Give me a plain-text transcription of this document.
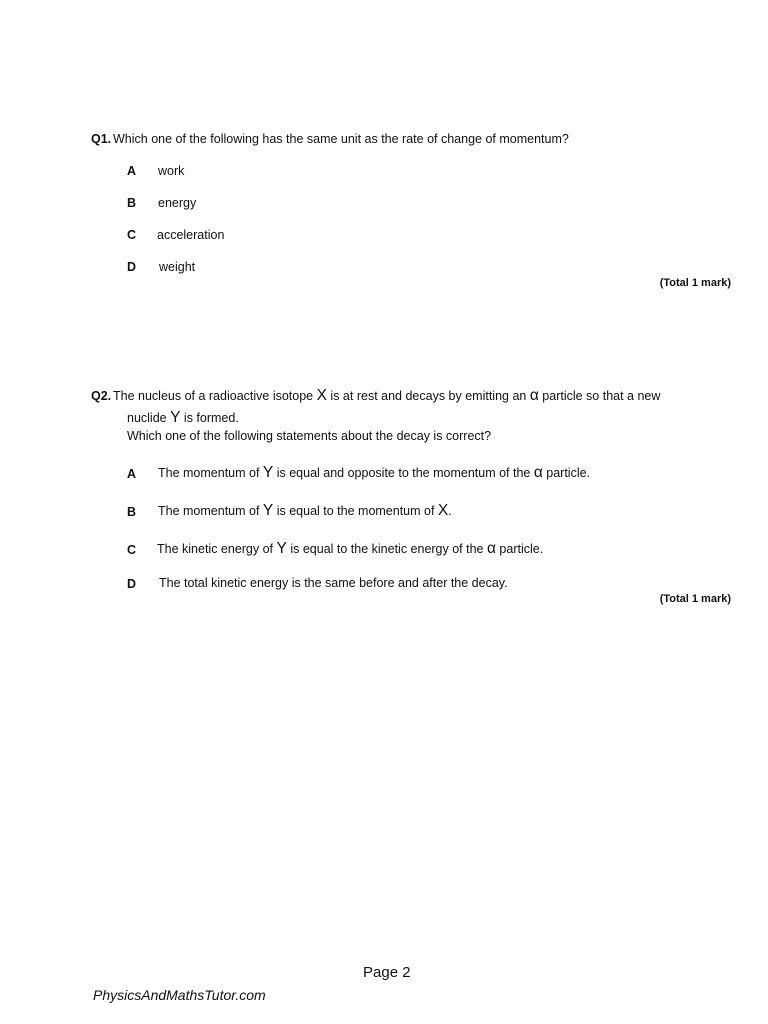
Q1. Which one of the following has the same unit as the rate of change of momentum?
A work
B energy
C acceleration
D weight
(Total 1 mark)
Q2. The nucleus of a radioactive isotope X is at rest and decays by emitting an α particle so that a new
nuclide Y is formed.
Which one of the following statements about the decay is correct?
A The momentum of Y is equal and opposite to the momentum of the α particle.
B The momentum of Y is equal to the momentum of X.
C The kinetic energy of Y is equal to the kinetic energy of the α particle.
D The total kinetic energy is the same before and after the decay.
(Total 1 mark)
Page 2
PhysicsAndMathsTutor.com
